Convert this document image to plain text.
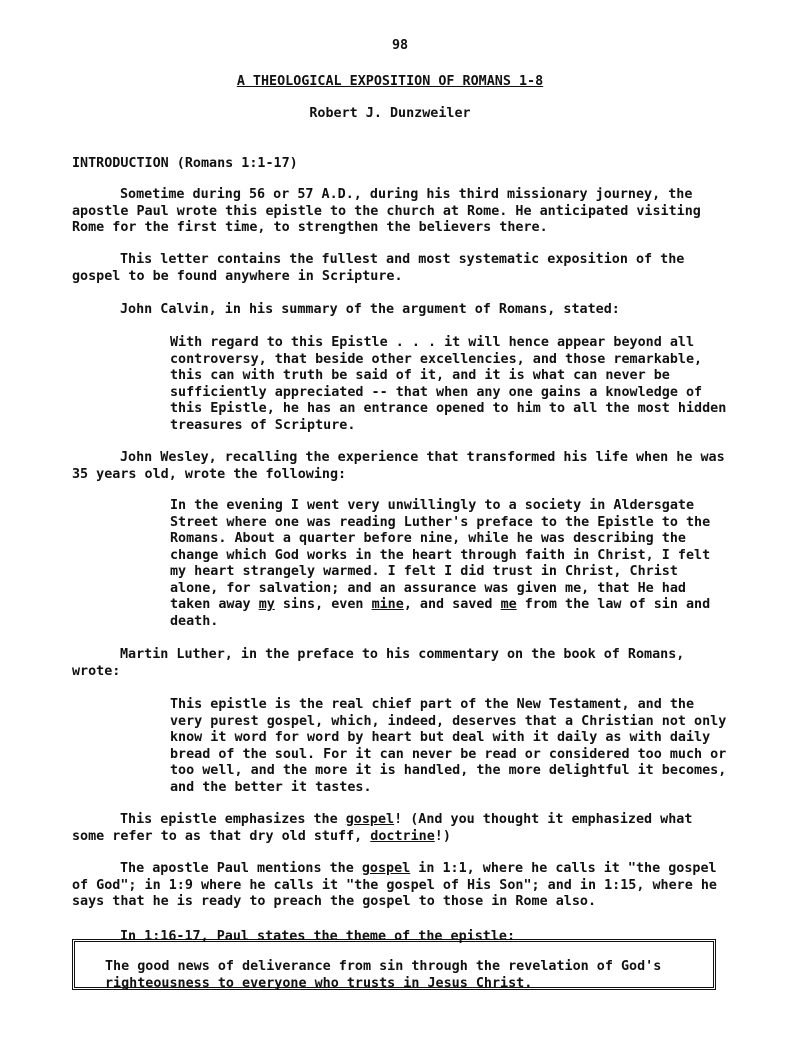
98
A THEOLOGICAL EXPOSITION OF ROMANS 1-8
Robert J. Dunzweiler
INTRODUCTION (Romans 1:1-17)

Sometime during 56 or 57 A.D., during his third missionary journey, the apostle Paul wrote this epistle to the church at Rome. He anticipated visiting Rome for the first time, to strengthen the believers there.

This letter contains the fullest and most systematic exposition of the gospel to be found anywhere in Scripture.

John Calvin, in his summary of the argument of Romans, stated:

With regard to this Epistle . . . it will hence appear beyond all controversy, that beside other excellencies, and those remarkable, this can with truth be said of it, and it is what can never be sufficiently appreciated -- that when any one gains a knowledge of this Epistle, he has an entrance opened to him to all the most hidden treasures of Scripture.

John Wesley, recalling the experience that transformed his life when he was 35 years old, wrote the following:

In the evening I went very unwillingly to a society in Aldersgate Street where one was reading Luther's preface to the Epistle to the Romans. About a quarter before nine, while he was describing the change which God works in the heart through faith in Christ, I felt my heart strangely warmed. I felt I did trust in Christ, Christ alone, for salvation; and an assurance was given me, that He had taken away my sins, even mine, and saved me from the law of sin and death.

Martin Luther, in the preface to his commentary on the book of Romans, wrote:

This epistle is the real chief part of the New Testament, and the very purest gospel, which, indeed, deserves that a Christian not only know it word for word by heart but deal with it daily as with daily bread of the soul. For it can never be read or considered too much or too well, and the more it is handled, the more delightful it becomes, and the better it tastes.

This epistle emphasizes the gospel! (And you thought it emphasized what some refer to as that dry old stuff, doctrine!)

The apostle Paul mentions the gospel in 1:1, where he calls it "the gospel of God"; in 1:9 where he calls it "the gospel of His Son"; and in 1:15, where he says that he is ready to preach the gospel to those in Rome also.

In 1:16-17, Paul states the theme of the epistle:

The good news of deliverance from sin through the revelation of God's righteousness to everyone who trusts in Jesus Christ.
